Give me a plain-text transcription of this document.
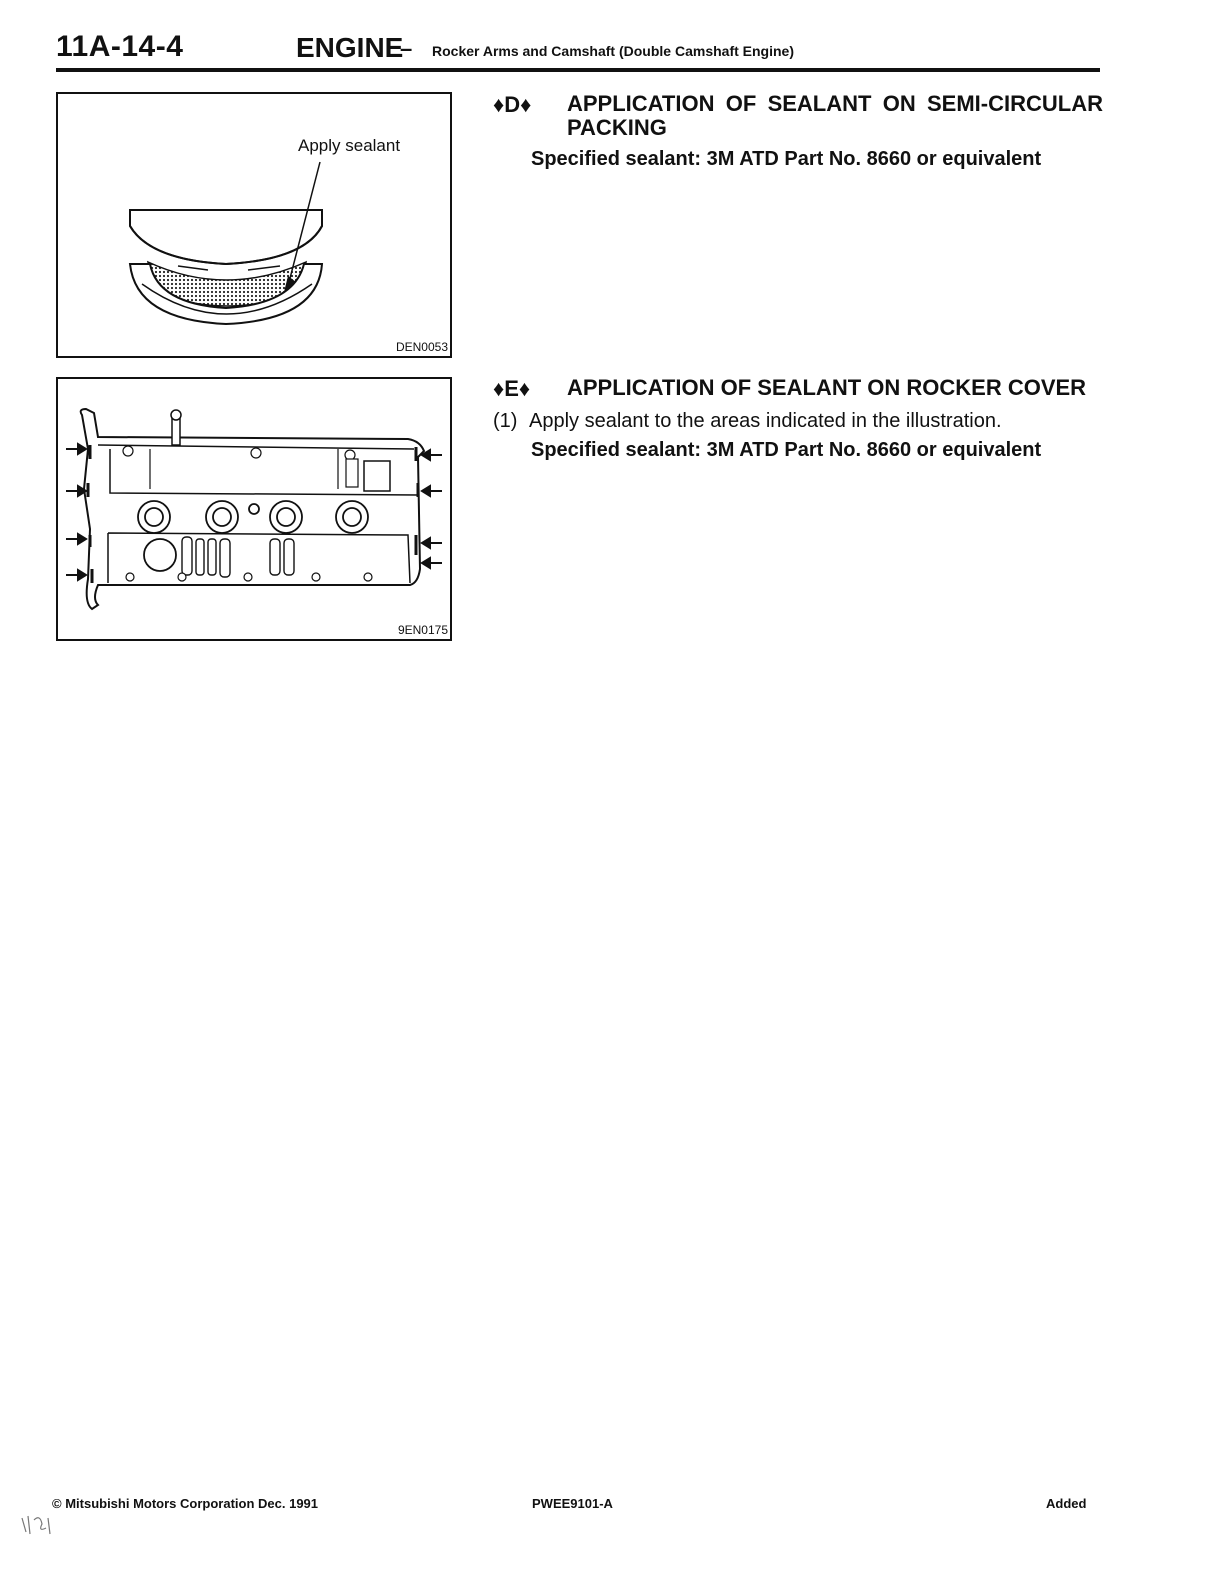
11A-14-4	ENGINE
– Rocker Arms and Camshaft (Double Camshaft Engine)
Apply sealant
DEN0053
9EN0175
♦D♦	APPLICATION OF SEALANT ON SEMI-CIRCULAR PACKING
Specified sealant: 3M ATD Part No. 8660 or equivalent
♦E♦	APPLICATION OF SEALANT ON ROCKER COVER
(1) Apply sealant to the areas indicated in the illustration.
Specified sealant: 3M ATD Part No. 8660 or equivalent
© Mitsubishi Motors Corporation Dec. 1991	PWEE9101-A	Added
